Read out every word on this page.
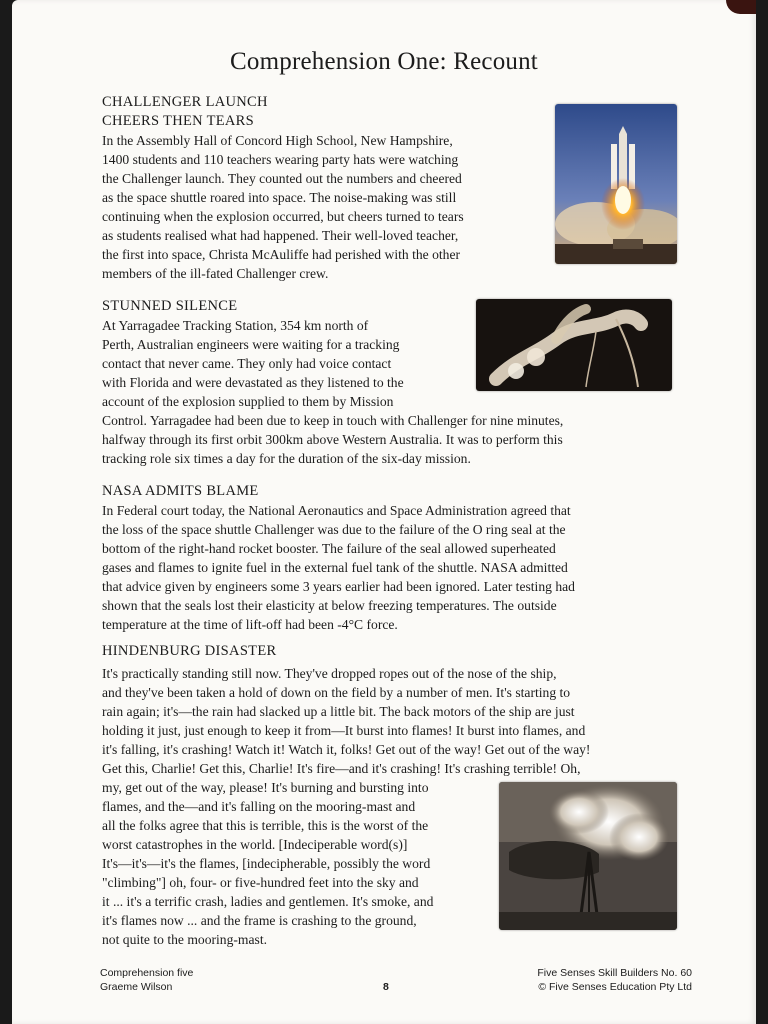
Comprehension One: Recount
CHALLENGER LAUNCH
CHEERS THEN TEARS

In the Assembly Hall of Concord High School, New Hampshire,

1400 students and 110 teachers wearing party hats were watching

the Challenger launch. They counted out the numbers and cheered

as the space shuttle roared into space. The noise-making was still

continuing when the explosion occurred, but cheers turned to tears

as students realised what had happened. Their well-loved teacher,

the first into space, Christa McAuliffe had perished with the other

members of the ill-fated Challenger crew.

STUNNED SILENCE

At Yarragadee Tracking Station, 354 km north of

Perth, Australian engineers were waiting for a tracking

contact that never came. They only had voice contact

with Florida and were devastated as they listened to the

account of the explosion supplied to them by Mission

Control. Yarragadee had been due to keep in touch with Challenger for nine minutes,

halfway through its first orbit 300km above Western Australia. It was to perform this

tracking role six times a day for the duration of the six-day mission.

NASA ADMITS BLAME

In Federal court today, the National Aeronautics and Space Administration agreed that

the loss of the space shuttle Challenger was due to the failure of the O ring seal at the

bottom of the right-hand rocket booster. The failure of the seal allowed superheated

gases and flames to ignite fuel in the external fuel tank of the shuttle. NASA admitted

that advice given by engineers some 3 years earlier had been ignored. Later testing had

shown that the seals lost their elasticity at below freezing temperatures. The outside

temperature at the time of lift-off had been -4°C force.

HINDENBURG DISASTER

It's practically standing still now. They've dropped ropes out of the nose of the ship,

and they've been taken a hold of down on the field by a number of men. It's starting to

rain again; it's—the rain had slacked up a little bit. The back motors of the ship are just

holding it just, just enough to keep it from—It burst into flames! It burst into flames, and

it's falling, it's crashing! Watch it! Watch it, folks! Get out of the way! Get out of the way!

Get this, Charlie! Get this, Charlie! It's fire—and it's crashing! It's crashing terrible! Oh,

my, get out of the way, please! It's burning and bursting into

flames, and the—and it's falling on the mooring-mast and

all the folks agree that this is terrible, this is the worst of the

worst catastrophes in the world. [Indeciperable word(s)]

It's—it's—it's the flames, [indecipherable, possibly the word

"climbing"] oh, four- or five-hundred feet into the sky and

it ... it's a terrific crash, ladies and gentlemen. It's smoke, and

it's flames now ... and the frame is crashing to the ground,

not quite to the mooring-mast.

Comprehension five
Graeme Wilson	8
Five Senses Skill Builders No. 60
© Five Senses Education Pty Ltd
